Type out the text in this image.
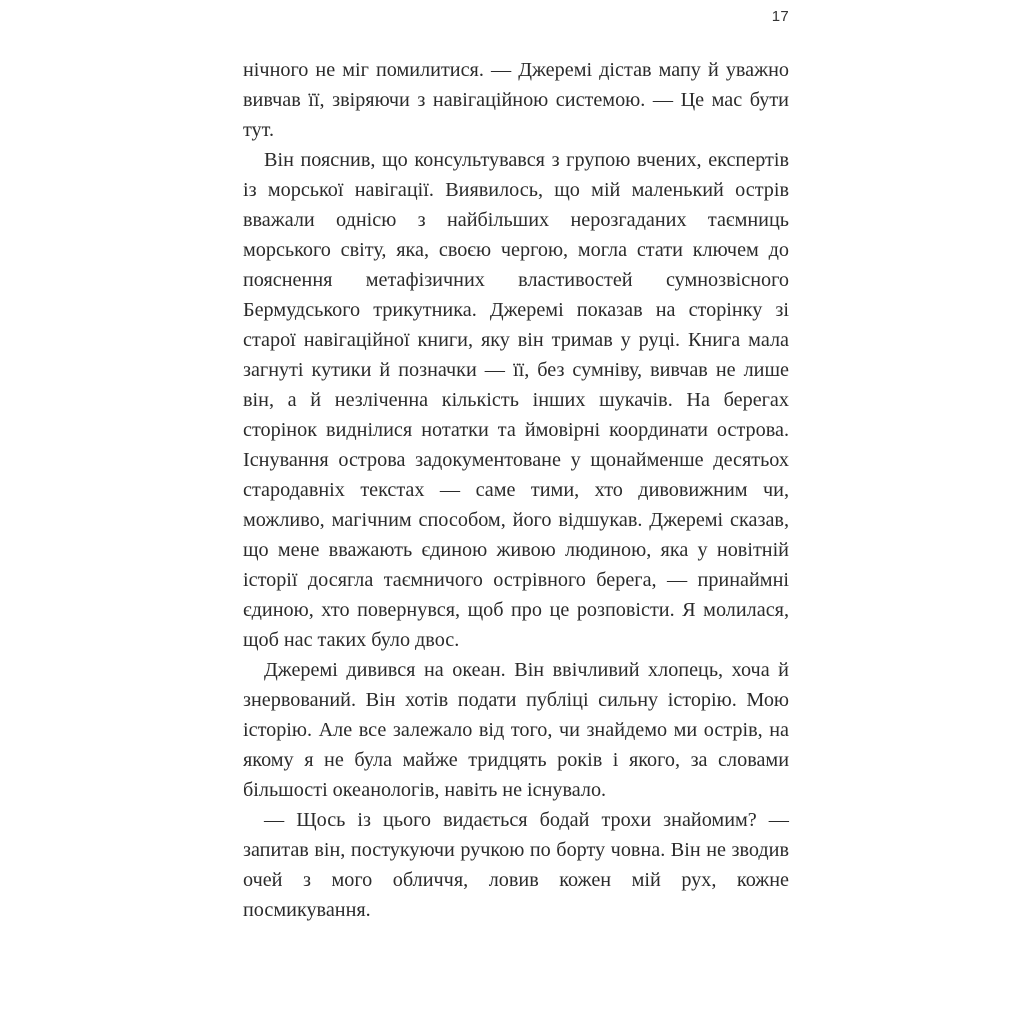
17

нічного не міг помилитися. — Джеремі дістав мапу й уважно вивчав її, звіряючи з навігаційною системою. — Це мас бути тут.

Він пояснив, що консультувався з групою вчених, експертів із морської навігації. Виявилось, що мій маленький острів вважали однісю з найбільших нерозгаданих таємниць морського світу, яка, своєю чергою, могла стати ключем до пояснення метафізичних властивостей сумнозвісного Бермудського трикутника. Джеремі показав на сторінку зі старої навігаційної книги, яку він тримав у руці. Книга мала загнуті кутики й позначки — її, без сумніву, вивчав не лише він, а й незліченна кількість інших шукачів. На берегах сторінок виднілися нотатки та ймовірні координати острова. Існування острова задокументоване у щонайменше десятьох стародавніх текстах — саме тими, хто дивовижним чи, можливо, магічним способом, його відшукав. Джеремі сказав, що мене вважають єдиною живою людиною, яка у новітній історії досягла таємничого острівного берега, — принаймні єдиною, хто повернувся, щоб про це розповісти. Я молилася, щоб нас таких було двос.

Джеремі дивився на океан. Він ввічливий хлопець, хоча й знервований. Він хотів подати публіці сильну історію. Мою історію. Але все залежало від того, чи знайдемо ми острів, на якому я не була майже тридцять років і якого, за словами більшості океанологів, навіть не існувало.

— Щось із цього видається бодай трохи знайомим? — запитав він, постукуючи ручкою по борту човна. Він не зводив очей з мого обличчя, ловив кожен мій рух, кожне посмикування.
